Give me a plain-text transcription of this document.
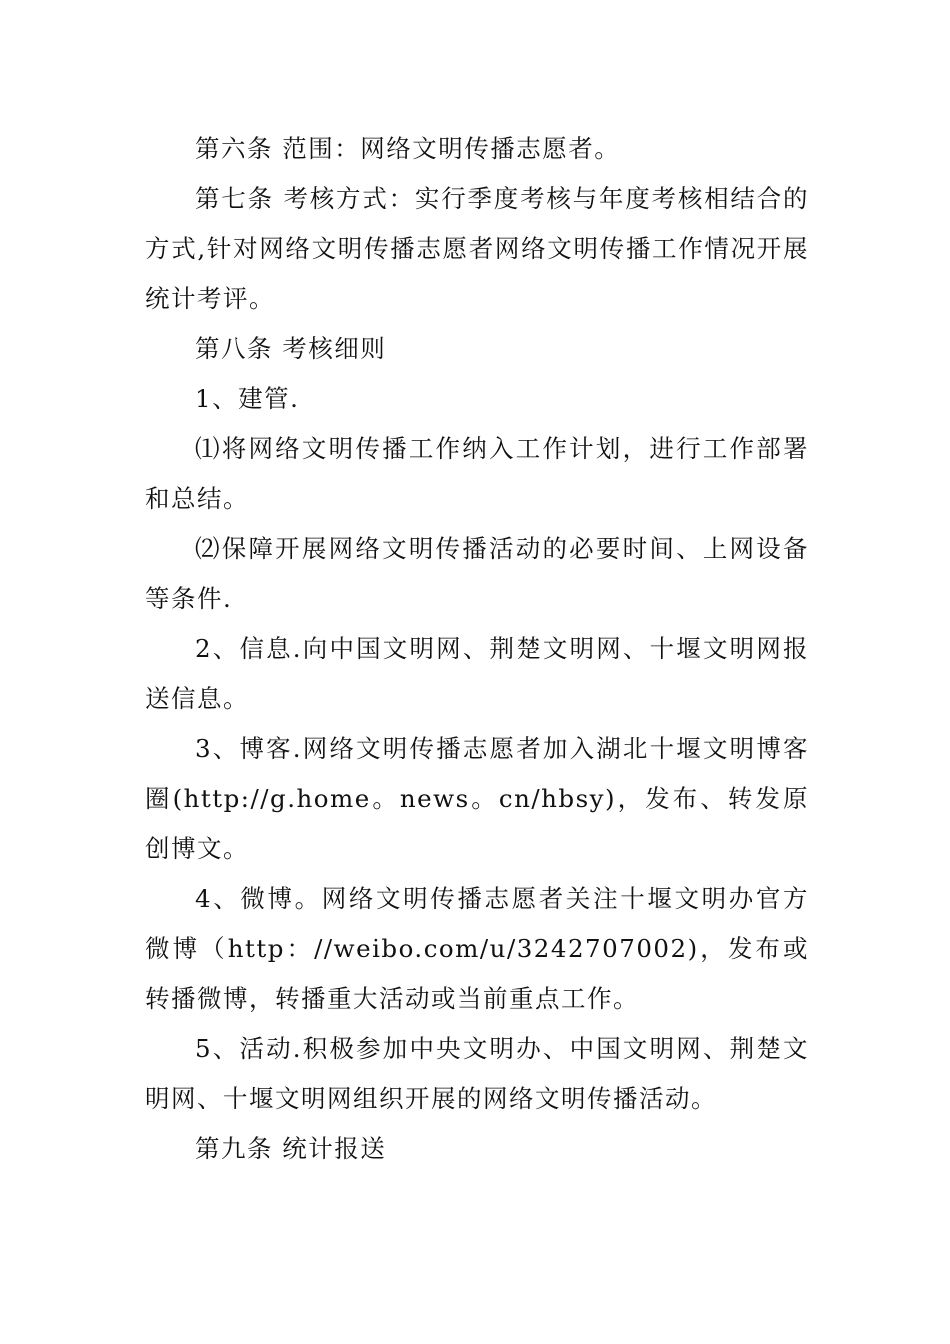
第六条 范围：网络文明传播志愿者。

第七条 考核方式：实行季度考核与年度考核相结合的方式,针对网络文明传播志愿者网络文明传播工作情况开展统计考评。

第八条 考核细则

1、建管.

⑴将网络文明传播工作纳入工作计划，进行工作部署和总结。

⑵保障开展网络文明传播活动的必要时间、上网设备等条件.

2、信息.向中国文明网、荆楚文明网、十堰文明网报送信息。

3、博客.网络文明传播志愿者加入湖北十堰文明博客圈(http://g.home。news。cn/hbsy)，发布、转发原创博文。

4、微博。网络文明传播志愿者关注十堰文明办官方微博（http：//weibo.com/u/3242707002)，发布或转播微博，转播重大活动或当前重点工作。

5、活动.积极参加中央文明办、中国文明网、荆楚文明网、十堰文明网组织开展的网络文明传播活动。

第九条 统计报送
